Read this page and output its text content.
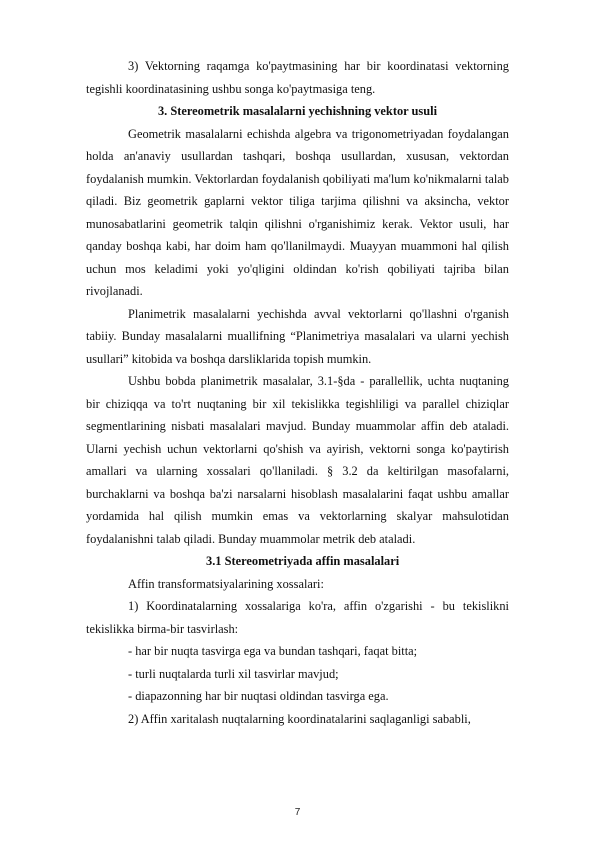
3) Vektorning raqamga ko'paytmasining har bir koordinatasi vektorning tegishli koordinatasining ushbu songa ko'paytmasiga teng.

3. Stereometrik masalalarni yechishning vektor usuli

Geometrik masalalarni echishda algebra va trigonometriyadan foydalangan holda an'anaviy usullardan tashqari, boshqa usullardan, xususan, vektordan foydalanish mumkin. Vektorlardan foydalanish qobiliyati ma'lum ko'nikmalarni talab qiladi. Biz geometrik gaplarni vektor tiliga tarjima qilishni va aksincha, vektor munosabatlarini geometrik talqin qilishni o'rganishimiz kerak. Vektor usuli, har qanday boshqa kabi, har doim ham qo'llanilmaydi. Muayyan muammoni hal qilish uchun mos keladimi yoki yo'qligini oldindan ko'rish qobiliyati tajriba bilan rivojlanadi.

Planimetrik masalalarni yechishda avval vektorlarni qo'llashni o'rganish tabiiy. Bunday masalalarni muallifning “Planimetriya masalalari va ularni yechish usullari” kitobida va boshqa darsliklarida topish mumkin.

Ushbu bobda planimetrik masalalar, 3.1-§da - parallellik, uchta nuqtaning bir chiziqqa va to'rt nuqtaning bir xil tekislikka tegishliligi va parallel chiziqlar segmentlarining nisbati masalalari mavjud. Bunday muammolar affin deb ataladi. Ularni yechish uchun vektorlarni qo'shish va ayirish, vektorni songa ko'paytirish amallari va ularning xossalari qo'llaniladi. § 3.2 da keltirilgan masofalarni, burchaklarni va boshqa ba'zi narsalarni hisoblash masalalarini faqat ushbu amallar yordamida hal qilish mumkin emas va vektorlarning skalyar mahsulotidan foydalanishni talab qiladi. Bunday muammolar metrik deb ataladi.

3.1 Stereometriyada affin masalalari

Affin transformatsiyalarining xossalari:

1) Koordinatalarning xossalariga ko'ra, affin o'zgarishi - bu tekislikni tekislikka birma-bir tasvirlash:

- har bir nuqta tasvirga ega va bundan tashqari, faqat bitta;

- turli nuqtalarda turli xil tasvirlar mavjud;

- diapazonning har bir nuqtasi oldindan tasvirga ega.

2) Affin xaritalash nuqtalarning koordinatalarini saqlaganligi sababli,

7
